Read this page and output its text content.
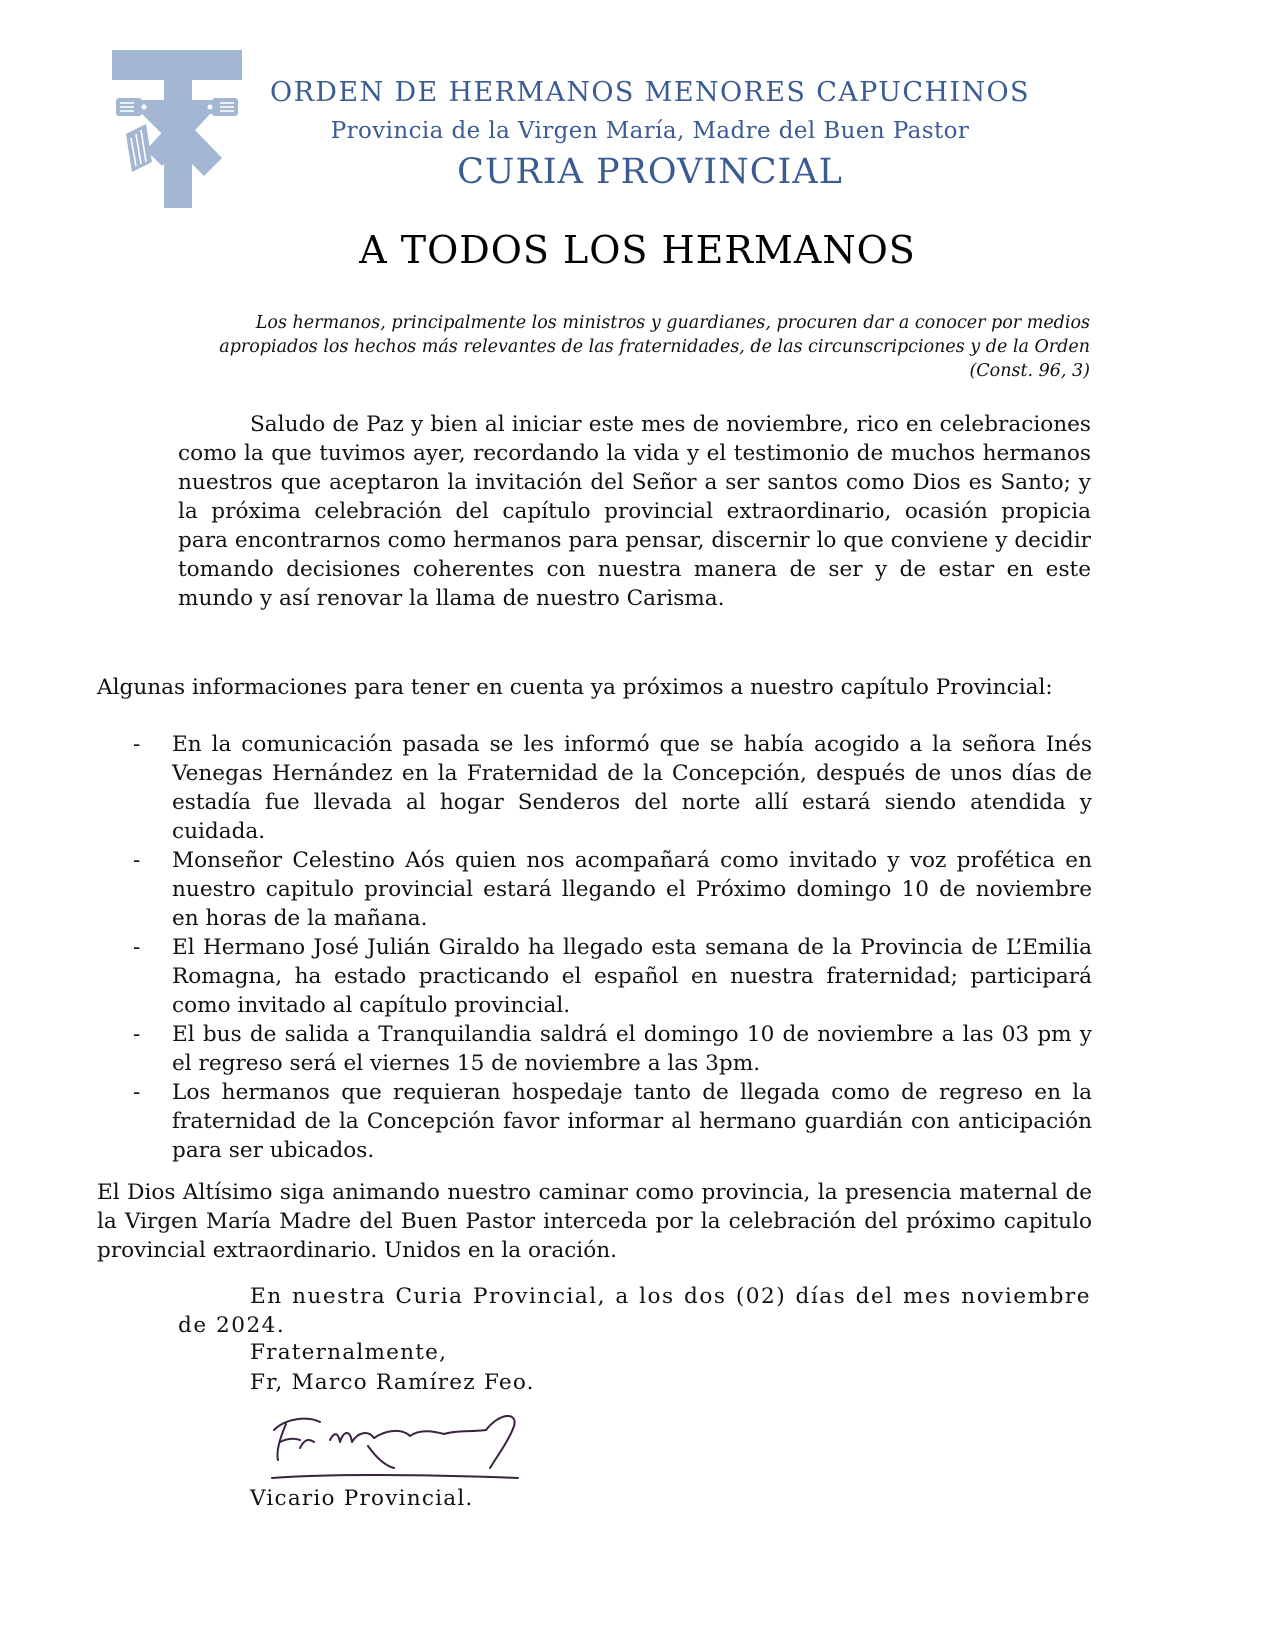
ORDEN DE HERMANOS MENORES CAPUCHINOS
Provincia de la Virgen María, Madre del Buen Pastor
CURIA PROVINCIAL
A TODOS LOS HERMANOS
Los hermanos, principalmente los ministros y guardianes, procuren dar a conocer por medios apropiados los hechos más relevantes de las fraternidades, de las circunscripciones y de la Orden (Const. 96, 3)

Saludo de Paz y bien al iniciar este mes de noviembre, rico en celebraciones como la que tuvimos ayer, recordando la vida y el testimonio de muchos hermanos nuestros que aceptaron la invitación del Señor a ser santos como Dios es Santo; y la próxima celebración del capítulo provincial extraordinario, ocasión propicia para encontrarnos como hermanos para pensar, discernir lo que conviene y decidir tomando decisiones coherentes con nuestra manera de ser y de estar en este mundo y así renovar la llama de nuestro Carisma.

Algunas informaciones para tener en cuenta ya próximos a nuestro capítulo Provincial:

- En la comunicación pasada se les informó que se había acogido a la señora Inés Venegas Hernández en la Fraternidad de la Concepción, después de unos días de estadía fue llevada al hogar Senderos del norte allí estará siendo atendida y cuidada.
- Monseñor Celestino Aós quien nos acompañará como invitado y voz profética en nuestro capitulo provincial estará llegando el Próximo domingo 10 de noviembre en horas de la mañana.
- El Hermano José Julián Giraldo ha llegado esta semana de la Provincia de L’Emilia Romagna, ha estado practicando el español en nuestra fraternidad; participará como invitado al capítulo provincial.
- El bus de salida a Tranquilandia saldrá el domingo 10 de noviembre a las 03 pm y el regreso será el viernes 15 de noviembre a las 3pm.
- Los hermanos que requieran hospedaje tanto de llegada como de regreso en la fraternidad de la Concepción favor informar al hermano guardián con anticipación para ser ubicados.

El Dios Altísimo siga animando nuestro caminar como provincia, la presencia maternal de la Virgen María Madre del Buen Pastor interceda por la celebración del próximo capitulo provincial extraordinario. Unidos en la oración.

En nuestra Curia Provincial, a los dos (02) días del mes noviembre de 2024.

Fraternalmente,
Fr, Marco Ramírez Feo.
Vicario Provincial.
